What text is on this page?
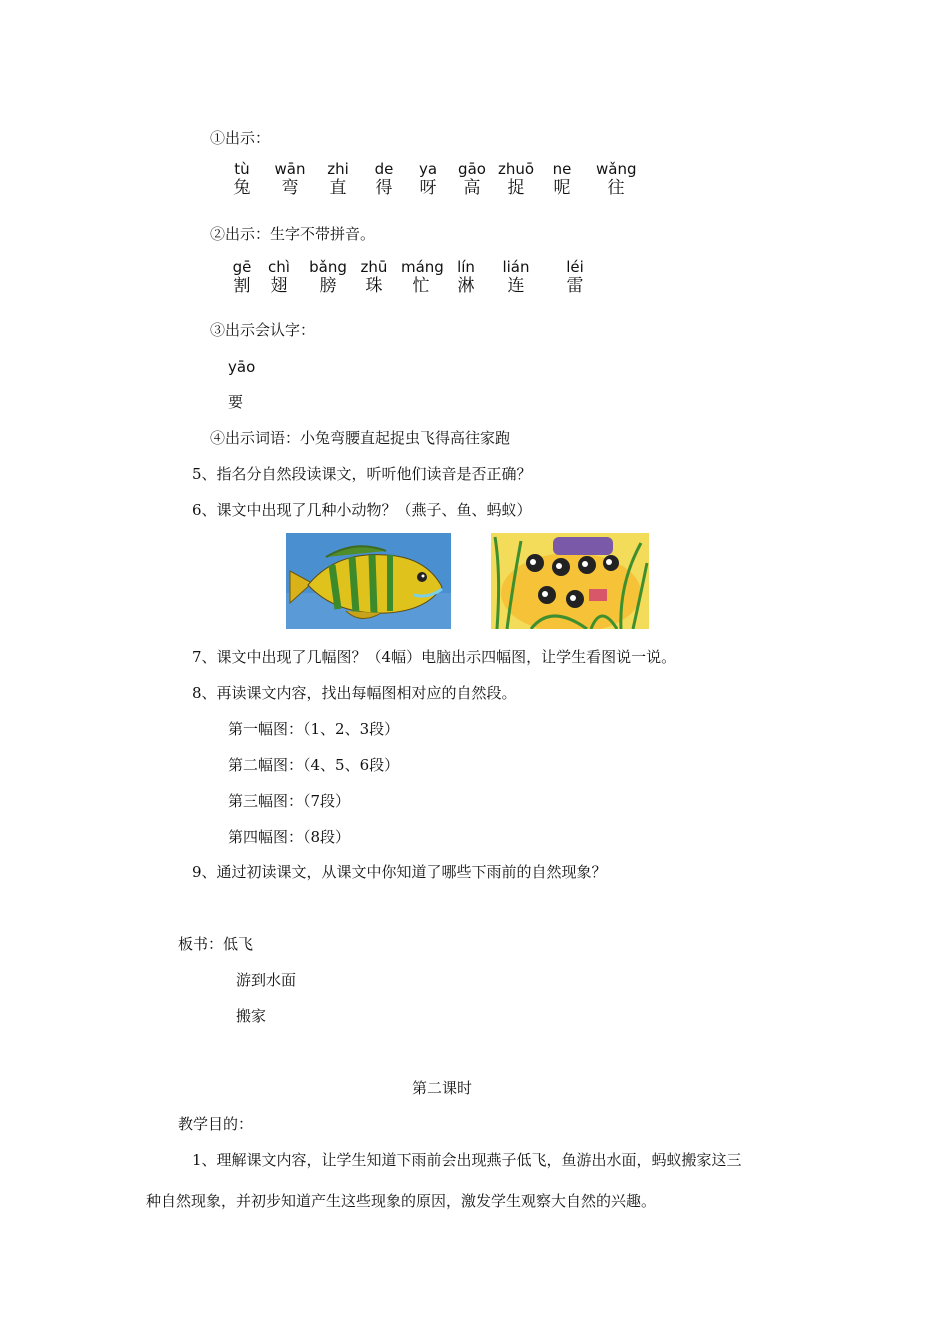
①出示：
tù
兔
wān
弯
zhi
直
de
得
ya
呀
gāo
高
zhuō
捉
ne
呢
wǎng
往
②出示：生字不带拼音。
gē
割
chì
翅
bǎng
膀
zhū
珠
máng
忙
lín
淋
lián
连
léi
雷
③出示会认字：
yāo
要
④出示词语：小兔弯腰直起捉虫飞得高往家跑
5、指名分自然段读课文，听听他们读音是否正确？
6、课文中出现了几种小动物？（燕子、鱼、蚂蚁）
7、课文中出现了几幅图？（4幅）电脑出示四幅图，让学生看图说一说。
8、再读课文内容，找出每幅图相对应的自然段。
第一幅图：（1、2、3段）
第二幅图：（4、5、6段）
第三幅图：（7段）
第四幅图：（8段）
9、通过初读课文，从课文中你知道了哪些下雨前的自然现象？
板书：低飞
游到水面
搬家
第二课时
教学目的：
1、理解课文内容，让学生知道下雨前会出现燕子低飞，鱼游出水面，蚂蚁搬家这三
种自然现象，并初步知道产生这些现象的原因，激发学生观察大自然的兴趣。
